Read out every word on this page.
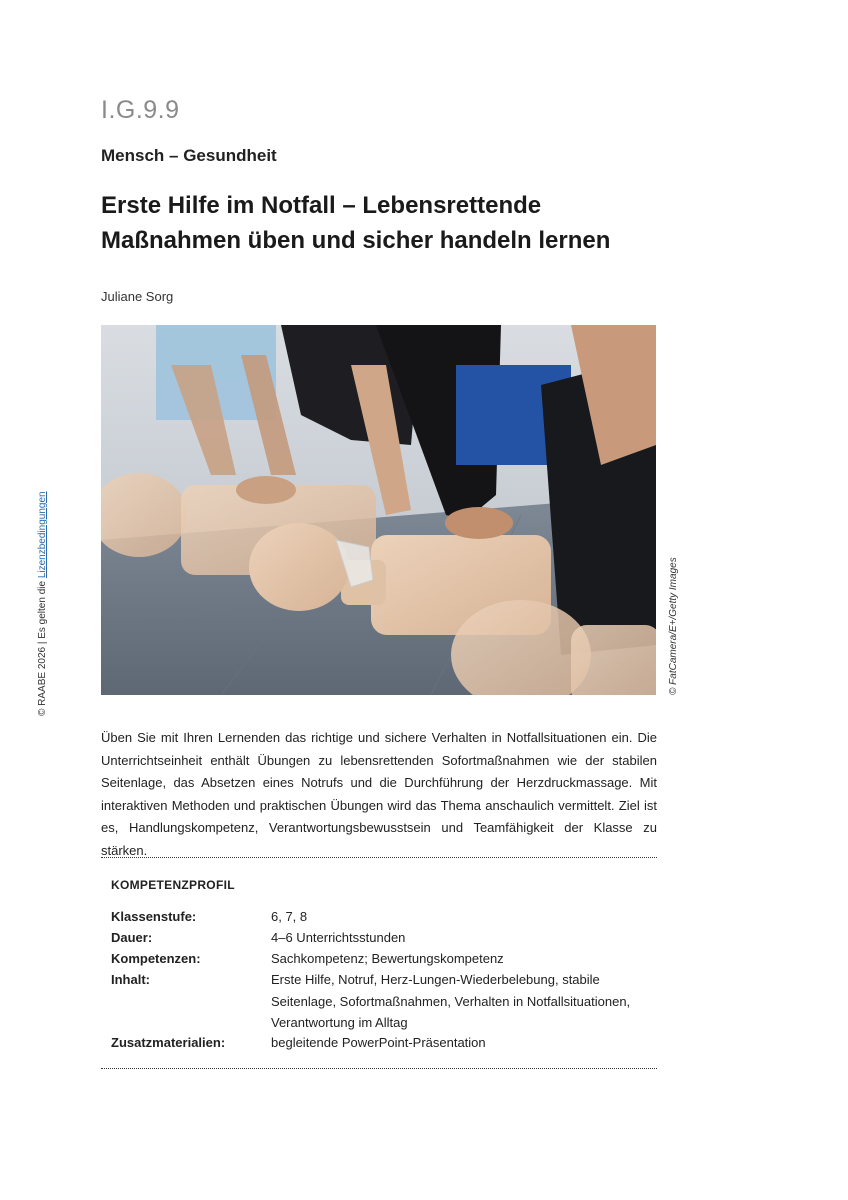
I.G.9.9
Mensch – Gesundheit
Erste Hilfe im Notfall – Lebensrettende Maßnahmen üben und sicher handeln lernen
Juliane Sorg
© FatCamera/E+/Getty Images
© RAABE 2026 | Es gelten die Lizenzbedingungen

Üben Sie mit Ihren Lernenden das richtige und sichere Verhalten in Notfallsituationen ein. Die Unterrichtseinheit enthält Übungen zu lebensrettenden Sofortmaßnahmen wie der stabilen Seitenlage, das Absetzen eines Notrufs und die Durchführung der Herzdruckmassage. Mit interaktiven Methoden und praktischen Übungen wird das Thema anschaulich vermittelt. Ziel ist es, Handlungskompetenz, Verantwortungsbewusstsein und Teamfähigkeit der Klasse zu stärken.

KOMPETENZPROFIL
Klassenstufe:	6, 7, 8
Dauer:	4–6 Unterrichtsstunden
Kompetenzen:	Sachkompetenz; Bewertungskompetenz
Inhalt:	Erste Hilfe, Notruf, Herz-Lungen-Wiederbelebung, stabile Seitenlage, Sofortmaßnahmen, Verhalten in Notfallsituationen, Verantwortung im Alltag
Zusatzmaterialien:	begleitende PowerPoint-Präsentation
